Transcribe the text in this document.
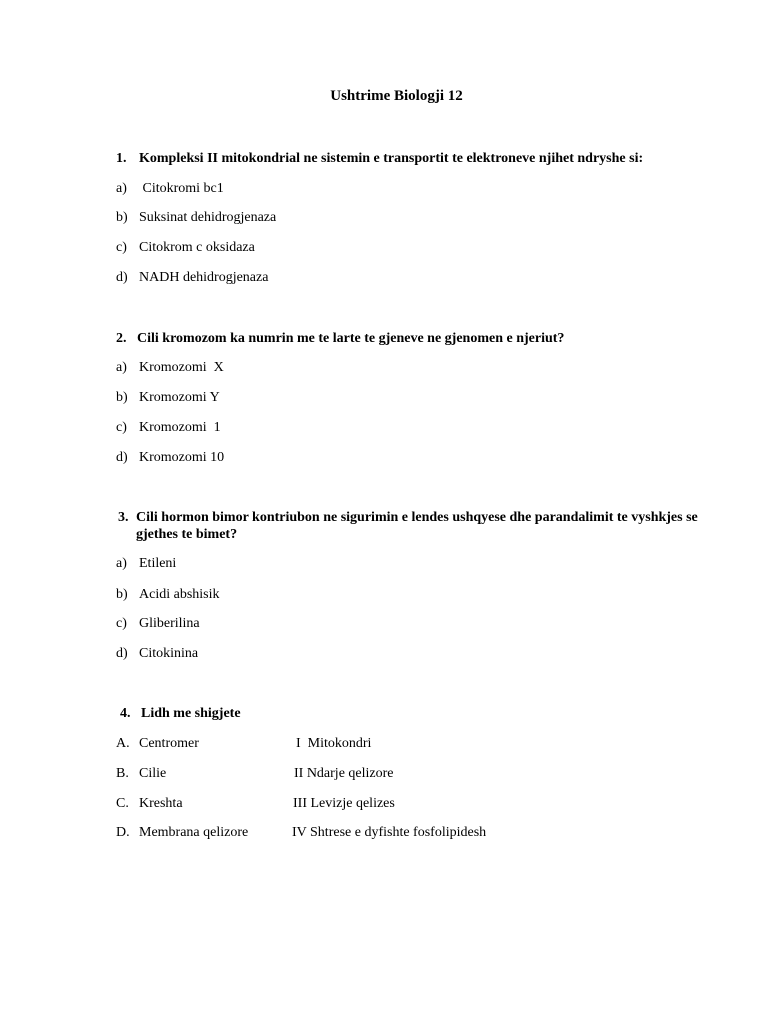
Ushtrime Biologji 12
1. Kompleksi II mitokondrial ne sistemin e transportit te elektroneve njihet ndryshe si:
a) Citokromi bc1
b) Suksinat dehidrogjenaza
c) Citokrom c oksidaza
d) NADH dehidrogjenaza
2. Cili kromozom ka numrin me te larte te gjeneve ne gjenomen e njeriut?
a) Kromozomi  X
b) Kromozomi Y
c) Kromozomi  1
d) Kromozomi 10
3. Cili hormon bimor kontriubon ne sigurimin e lendes ushqyese dhe parandalimit te vyshkjes se gjethes te bimet?
a) Etileni
b) Acidi abshisik
c) Gliberilina
d) Citokinina
4. Lidh me shigjete
A. Centromer	I  Mitokondri
B. Cilie	II Ndarje qelizore
C. Kreshta	III Levizje qelizes
D. Membrana qelizore	IV Shtrese e dyfishte fosfolipidesh
